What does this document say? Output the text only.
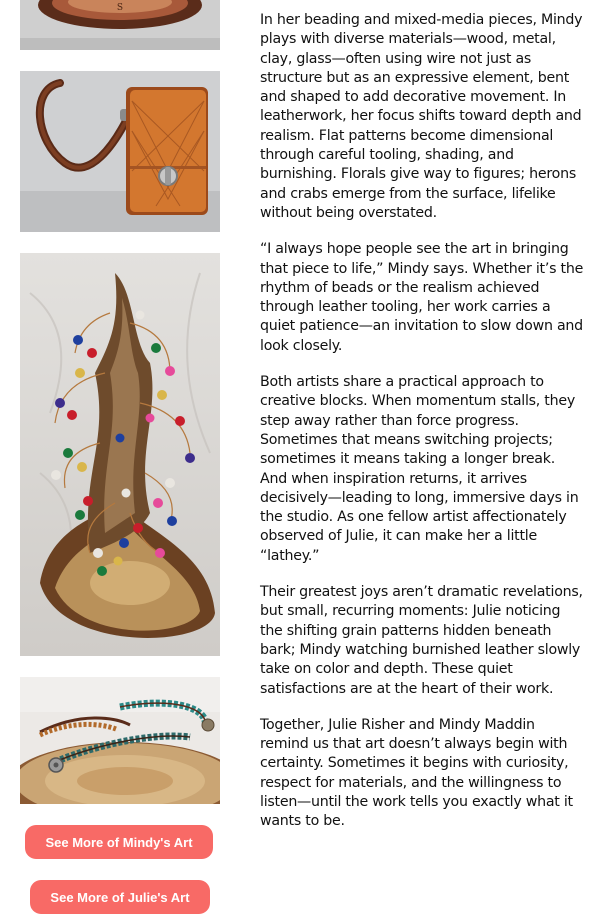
S
See More of Mindy's Art
See More of Julie's Art

In her beading and mixed-media pieces, Mindy plays with diverse materials—wood, metal, clay, glass—often using wire not just as structure but as an expressive element, bent and shaped to add decorative movement. In leatherwork, her focus shifts toward depth and realism. Flat patterns become dimensional through careful tooling, shading, and burnishing. Florals give way to figures; herons and crabs emerge from the surface, lifelike without being overstated.

“I always hope people see the art in bringing that piece to life,” Mindy says. Whether it’s the rhythm of beads or the realism achieved through leather tooling, her work carries a quiet patience—an invitation to slow down and look closely.

Both artists share a practical approach to creative blocks. When momentum stalls, they step away rather than force progress. Sometimes that means switching projects; sometimes it means taking a longer break. And when inspiration returns, it arrives decisively—leading to long, immersive days in the studio. As one fellow artist affectionately observed of Julie, it can make her a little “lathey.”

Their greatest joys aren’t dramatic revelations, but small, recurring moments: Julie noticing the shifting grain patterns hidden beneath bark; Mindy watching burnished leather slowly take on color and depth. These quiet satisfactions are at the heart of their work.

Together, Julie Risher and Mindy Maddin remind us that art doesn’t always begin with certainty. Sometimes it begins with curiosity, respect for materials, and the willingness to listen—until the work tells you exactly what it wants to be.
